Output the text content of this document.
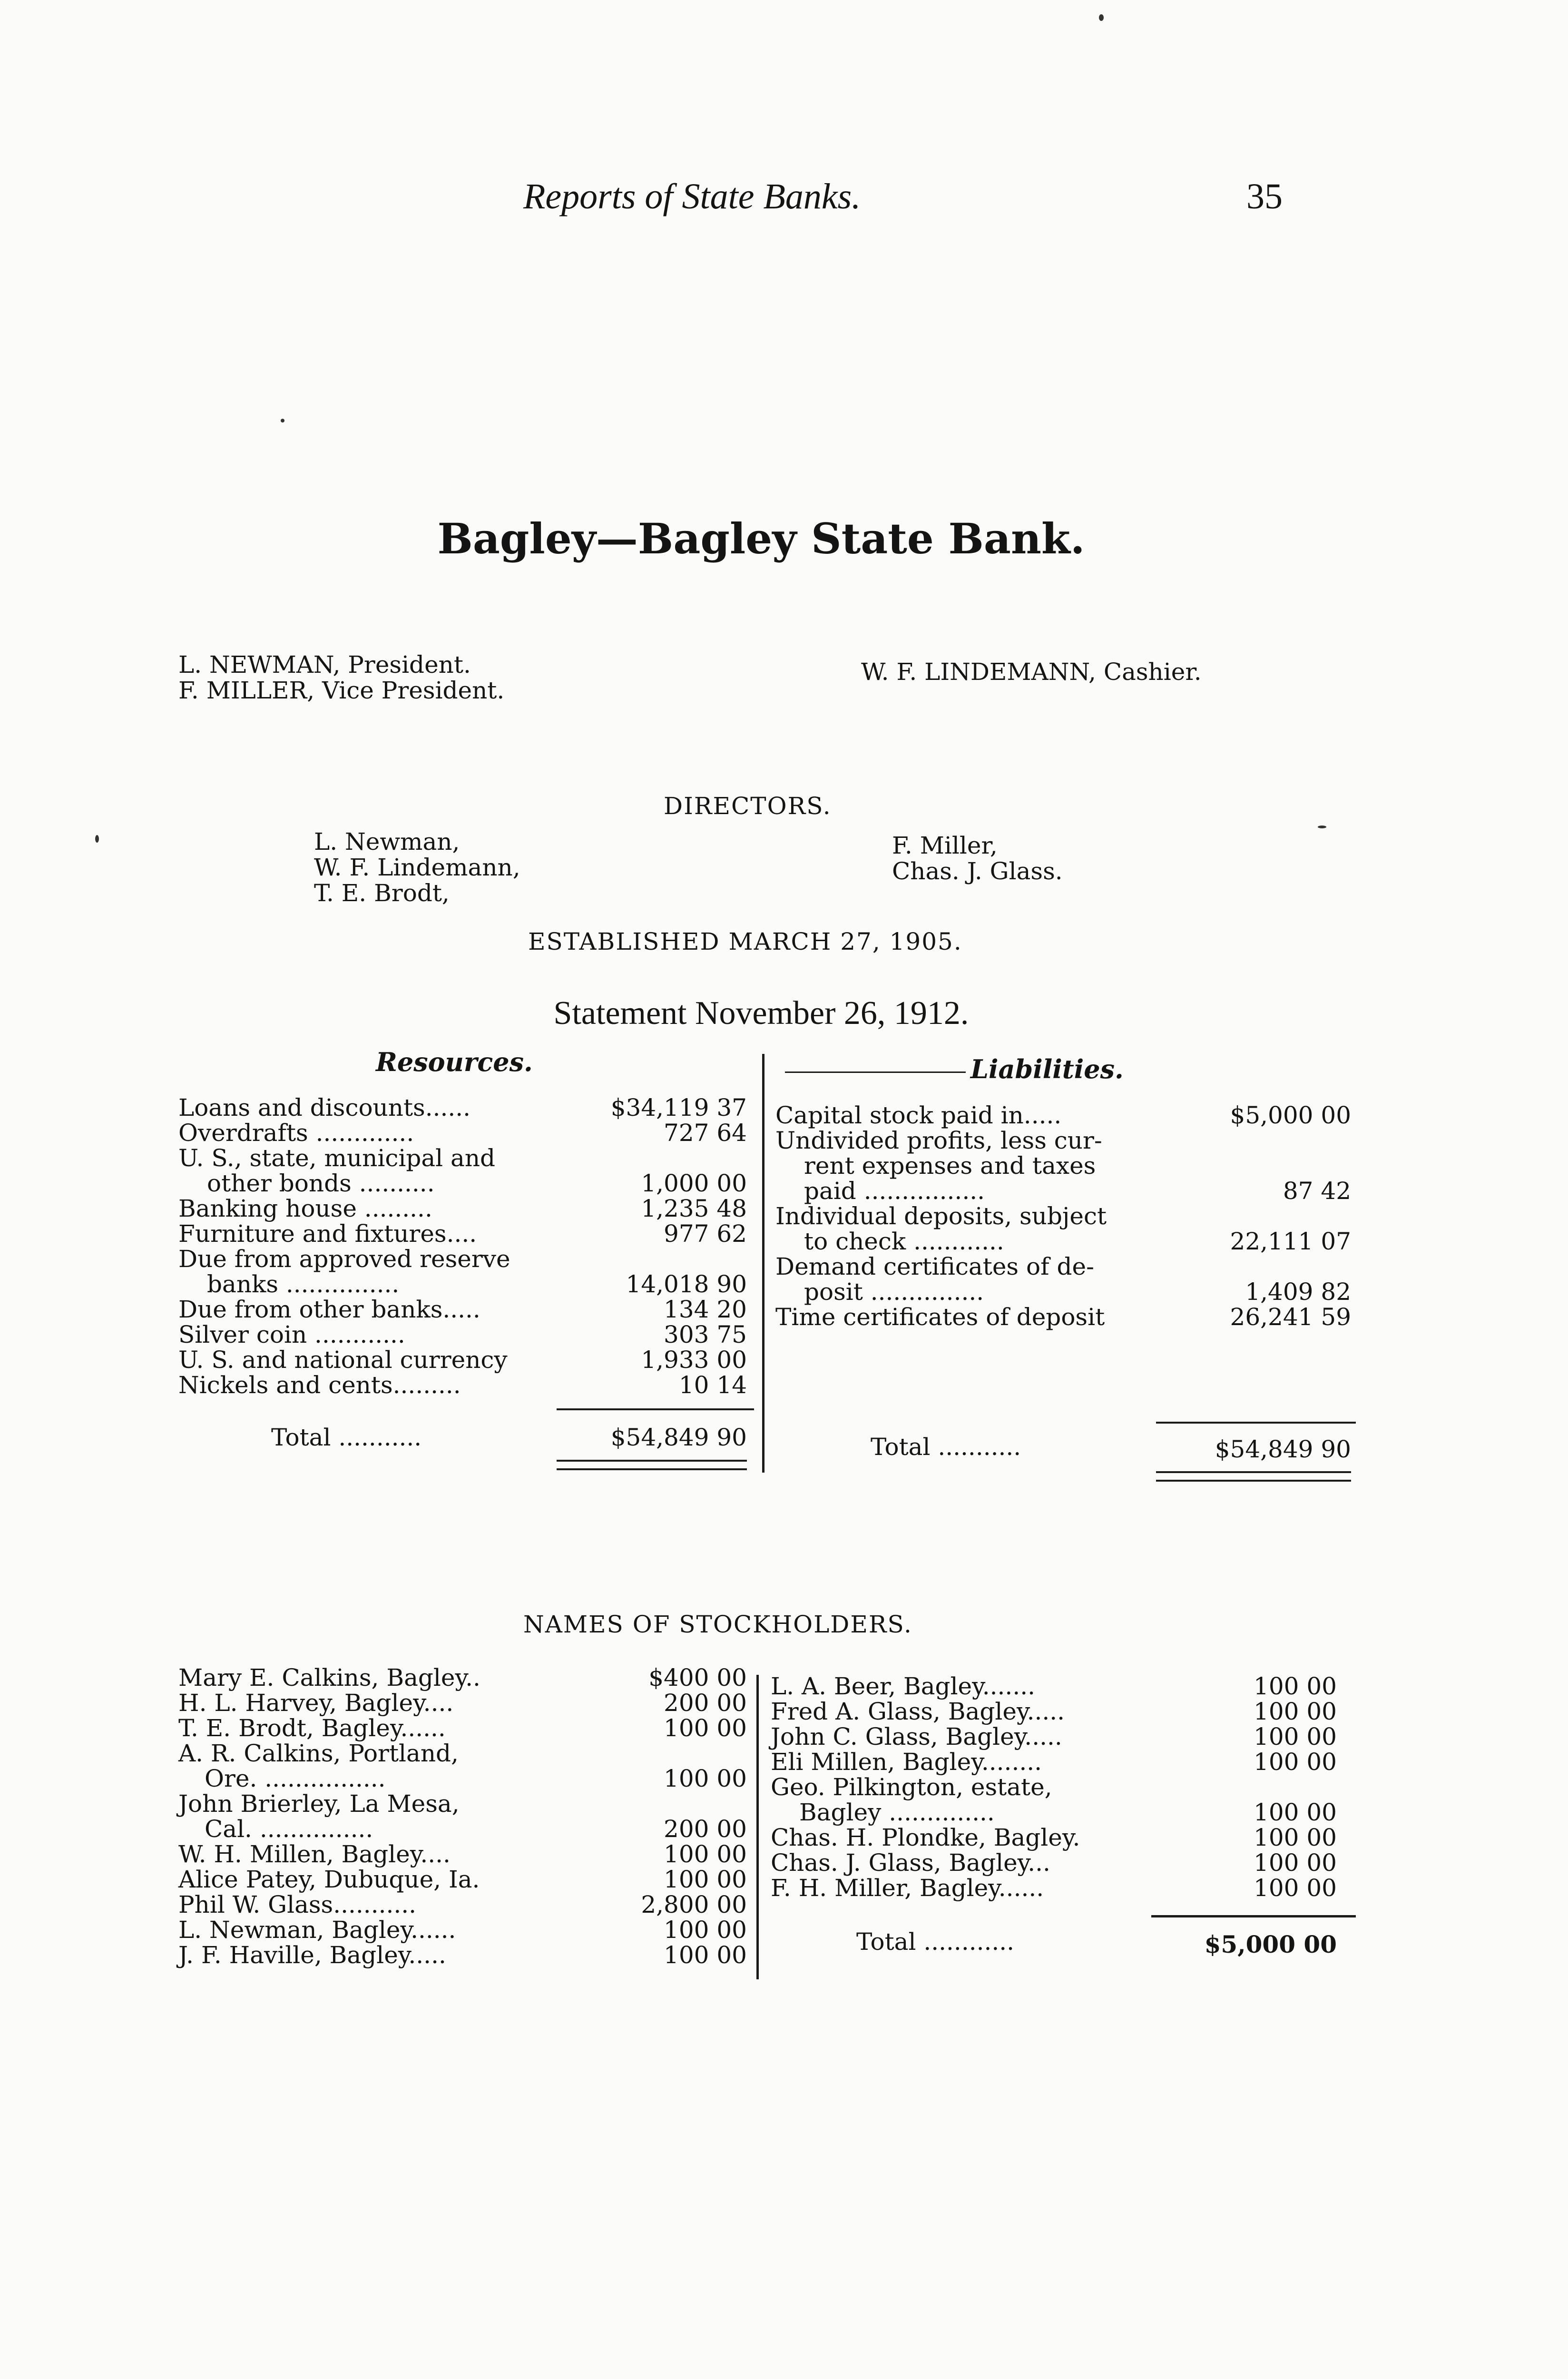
Reports of State Banks.	35
Bagley—Bagley State Bank.
L. NEWMAN, President.
F. MILLER, Vice President.
W. F. LINDEMANN, Cashier.
DIRECTORS.
L. Newman,
W. F. Lindemann,
T. E. Brodt,
F. Miller,
Chas. J. Glass.
ESTABLISHED MARCH 27, 1905.
Statement November 26, 1912.
Resources.	Liabilities.
Loans and discounts......	$34,119 37
Overdrafts .............	727 64
U. S., state, municipal and
other bonds ..........	1,000 00
Banking house .........	1,235 48
Furniture and fixtures....	977 62
Due from approved reserve
banks ...............	14,018 90
Due from other banks.....	134 20
Silver coin ............	303 75
U. S. and national currency	1,933 00
Nickels and cents.........	10 14
Capital stock paid in.....	$5,000 00
Undivided profits, less cur-
rent expenses and taxes
paid ................	87 42
Individual deposits, subject
to check ............	22,111 07
Demand certificates of de-
posit ...............	1,409 82
Time certificates of deposit	26,241 59
Total ...........	$54,849 90	Total ...........	$54,849 90
NAMES OF STOCKHOLDERS.
Mary E. Calkins, Bagley..	$400 00
H. L. Harvey, Bagley....	200 00
T. E. Brodt, Bagley......	100 00
A. R. Calkins, Portland,
Ore. ................	100 00
John Brierley, La Mesa,
Cal. ...............	200 00
W. H. Millen, Bagley....	100 00
Alice Patey, Dubuque, Ia.	100 00
Phil W. Glass...........	2,800 00
L. Newman, Bagley......	100 00
J. F. Haville, Bagley.....	100 00
L. A. Beer, Bagley.......	100 00
Fred A. Glass, Bagley.....	100 00
John C. Glass, Bagley.....	100 00
Eli Millen, Bagley........	100 00
Geo. Pilkington, estate,
Bagley ..............	100 00
Chas. H. Plondke, Bagley.	100 00
Chas. J. Glass, Bagley...	100 00
F. H. Miller, Bagley......	100 00
Total ............	$5,000 00
